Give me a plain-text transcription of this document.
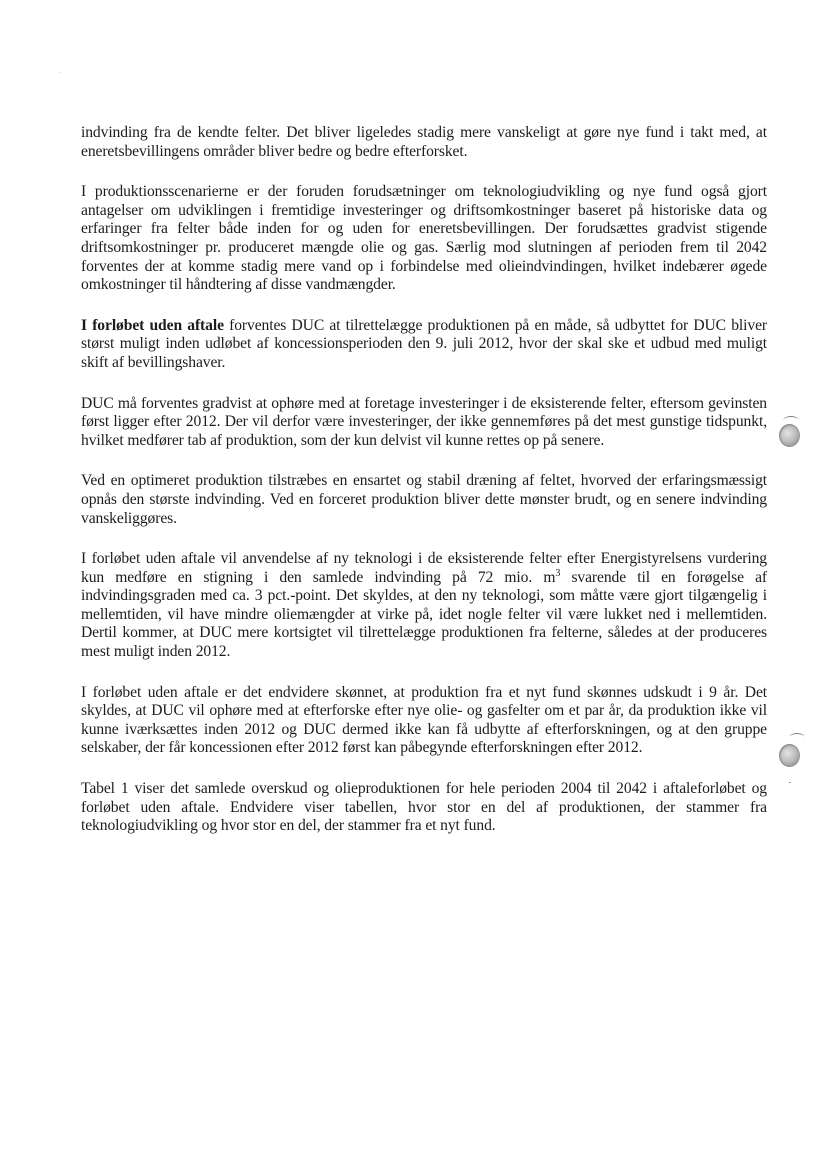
indvinding fra de kendte felter. Det bliver ligeledes stadig mere vanskeligt at gøre nye fund i takt med, at eneretsbevillingens områder bliver bedre og bedre efterforsket.

I produktionsscenarierne er der foruden forudsætninger om teknologiudvikling og nye fund også gjort antagelser om udviklingen i fremtidige investeringer og driftsomkostninger baseret på historiske data og erfaringer fra felter både inden for og uden for eneretsbevillingen. Der forudsættes gradvist stigende driftsomkostninger pr. produceret mængde olie og gas. Særlig mod slutningen af perioden frem til 2042 forventes der at komme stadig mere vand op i forbindelse med olieindvindingen, hvilket indebærer øgede omkostninger til håndtering af disse vandmængder.

I forløbet uden aftale forventes DUC at tilrettelægge produktionen på en måde, så udbyttet for DUC bliver størst muligt inden udløbet af koncessionsperioden den 9. juli 2012, hvor der skal ske et udbud med muligt skift af bevillingshaver.

DUC må forventes gradvist at ophøre med at foretage investeringer i de eksisterende felter, eftersom gevinsten først ligger efter 2012. Der vil derfor være investeringer, der ikke gennemføres på det mest gunstige tidspunkt, hvilket medfører tab af produktion, som der kun delvist vil kunne rettes op på senere.

Ved en optimeret produktion tilstræbes en ensartet og stabil dræning af feltet, hvorved der erfaringsmæssigt opnås den største indvinding. Ved en forceret produktion bliver dette mønster brudt, og en senere indvinding vanskeliggøres.

I forløbet uden aftale vil anvendelse af ny teknologi i de eksisterende felter efter Energistyrelsens vurdering kun medføre en stigning i den samlede indvinding på 72 mio. $m^3$ svarende til en forøgelse af indvindingsgraden med ca. 3 pct.-point. Det skyldes, at den ny teknologi, som måtte være gjort tilgængelig i mellemtiden, vil have mindre oliemængder at virke på, idet nogle felter vil være lukket ned i mellemtiden. Dertil kommer, at DUC mere kortsigtet vil tilrettelægge produktionen fra felterne, således at der produceres mest muligt inden 2012.

I forløbet uden aftale er det endvidere skønnet, at produktion fra et nyt fund skønnes udskudt i 9 år. Det skyldes, at DUC vil ophøre med at efterforske efter nye olie- og gasfelter om et par år, da produktion ikke vil kunne iværksættes inden 2012 og DUC dermed ikke kan få udbytte af efterforskningen, og at den gruppe selskaber, der får koncessionen efter 2012 først kan påbegynde efterforskningen efter 2012.

Tabel 1 viser det samlede overskud og olieproduktionen for hele perioden 2004 til 2042 i aftaleforløbet og forløbet uden aftale. Endvidere viser tabellen, hvor stor en del af produktionen, der stammer fra teknologiudvikling og hvor stor en del, der stammer fra et nyt fund.
